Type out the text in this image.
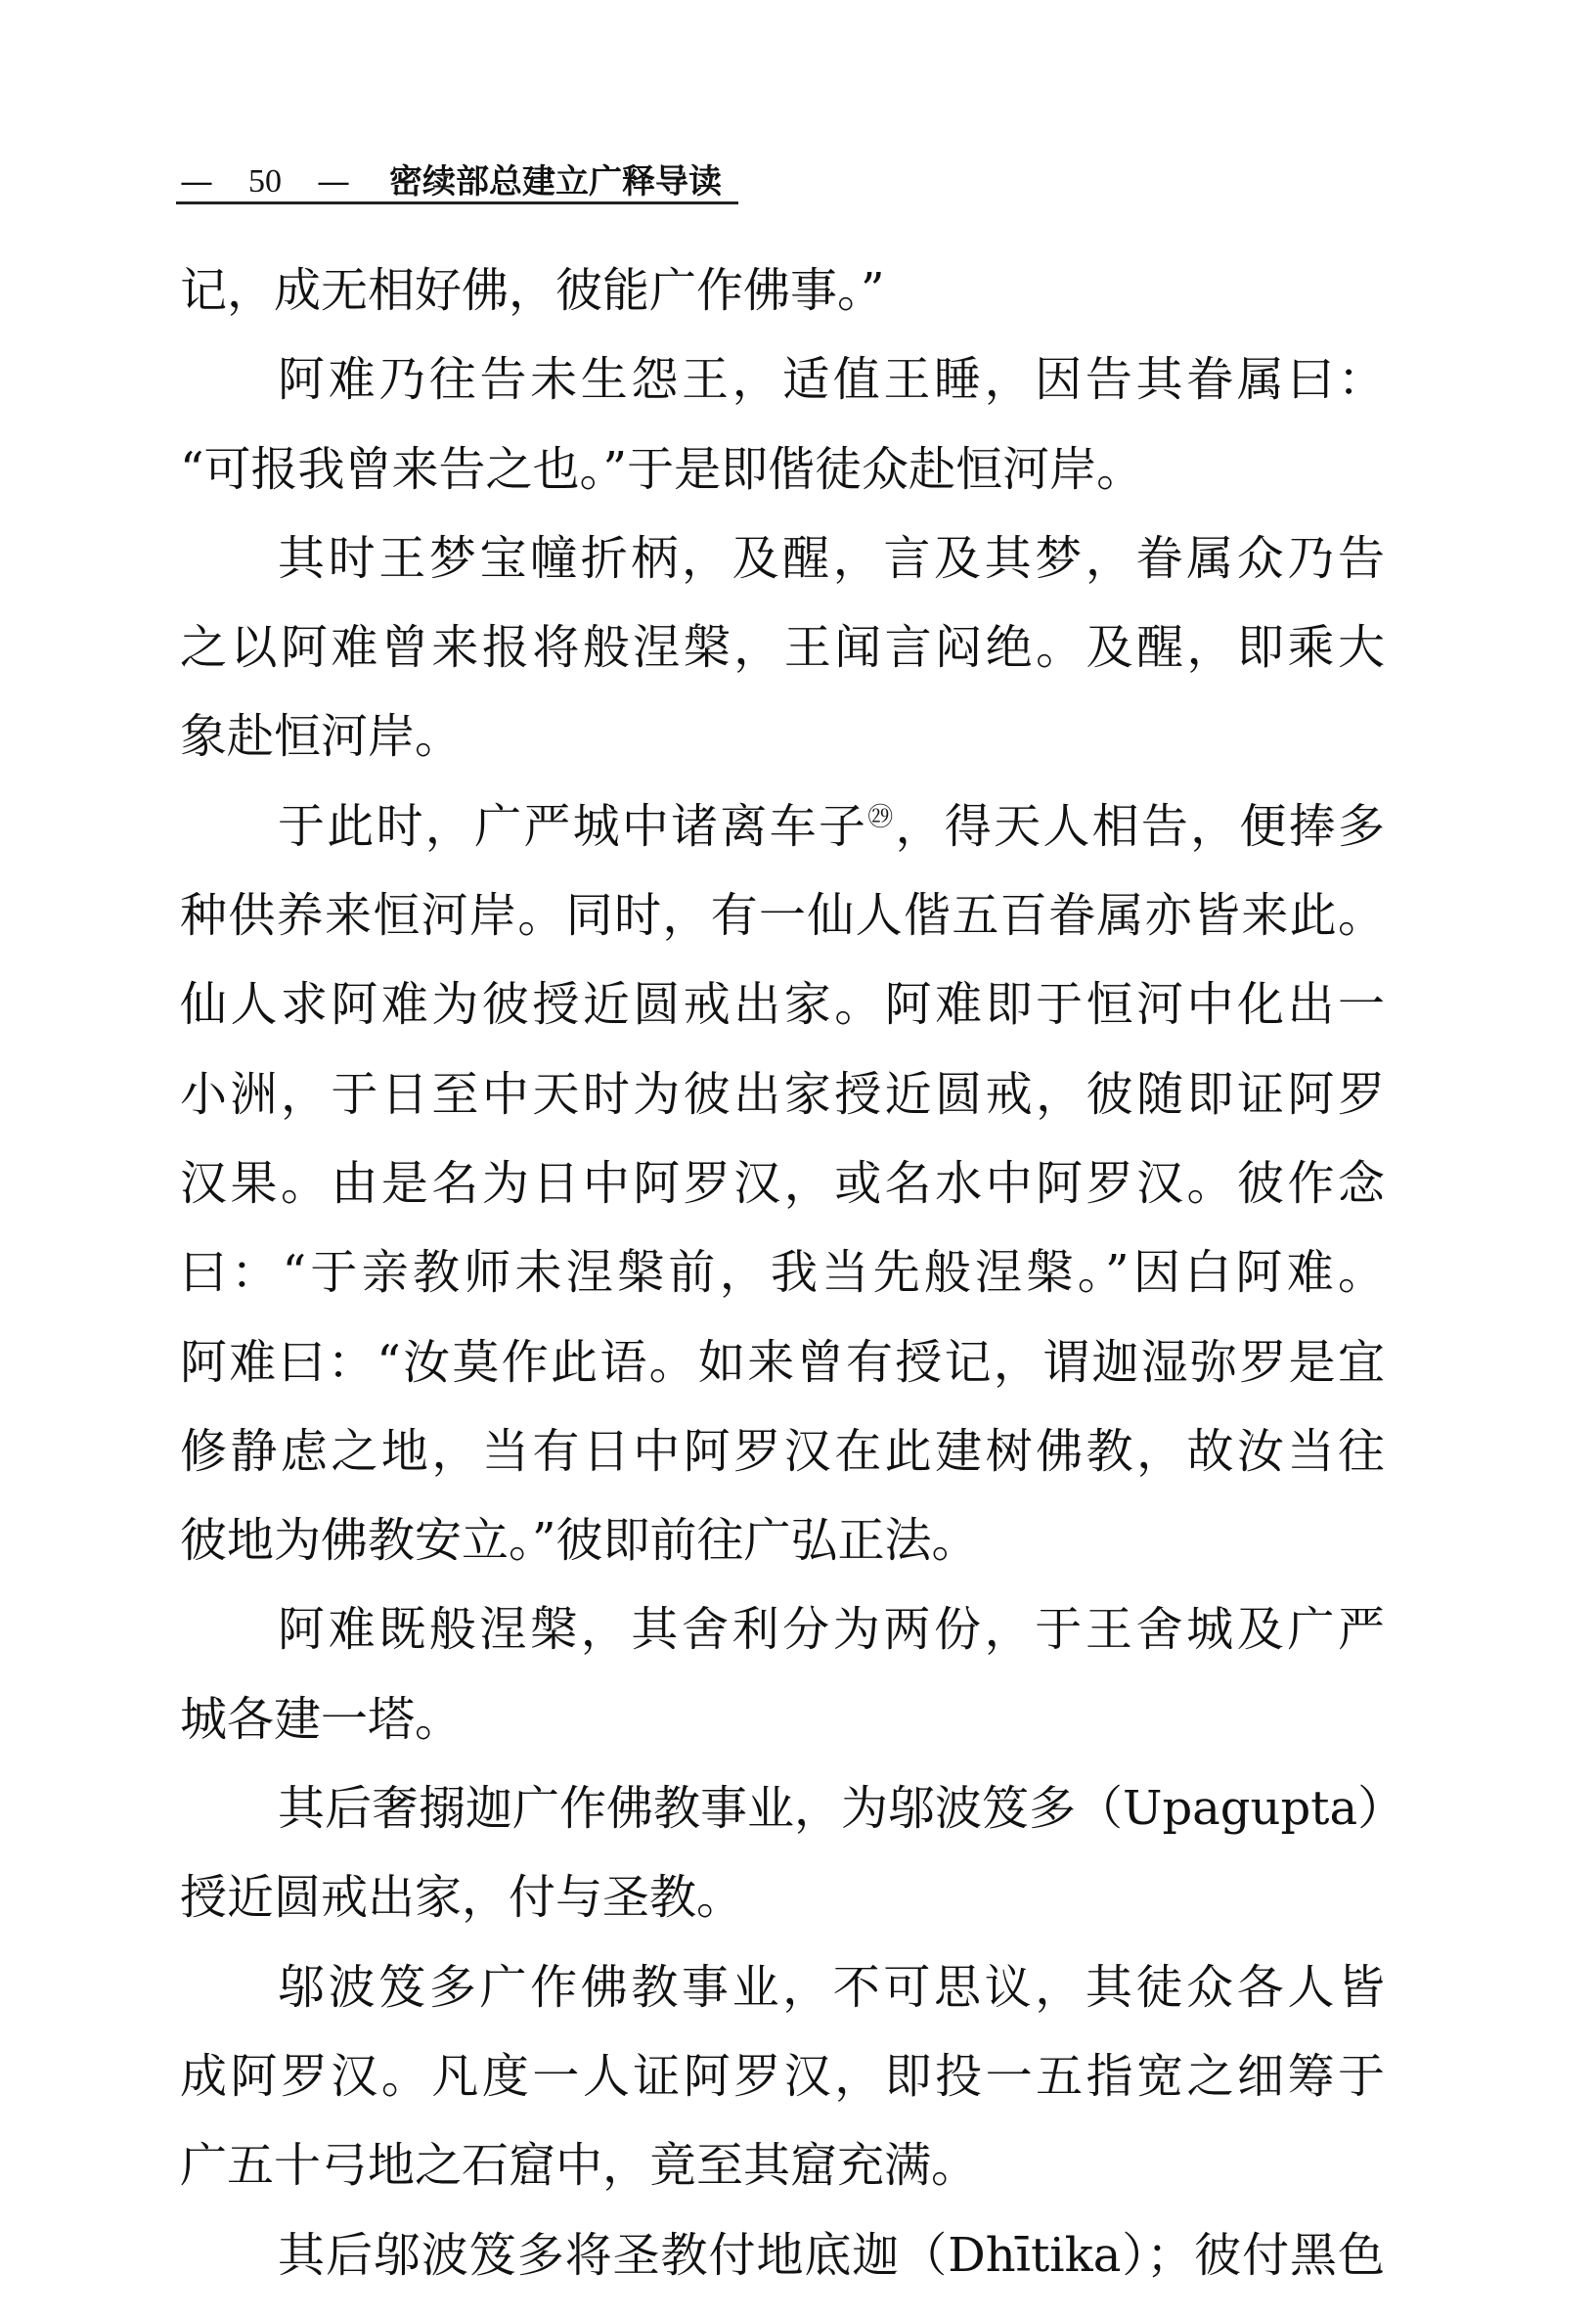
— 50 — 密续部总建立广释导读
记，成无相好佛，彼能广作佛事。”
阿难乃往告未生怨王，适值王睡，因告其眷属曰：
“可报我曾来告之也。”于是即偕徒众赴恒河岸。
其时王梦宝幢折柄，及醒，言及其梦，眷属众乃告
之以阿难曾来报将般涅槃，王闻言闷绝。及醒，即乘大
象赴恒河岸。
于此时，广严城中诸离车子$^㉙$，得天人相告，便捧多
种供养来恒河岸。同时，有一仙人偕五百眷属亦皆来此。
仙人求阿难为彼授近圆戒出家。阿难即于恒河中化出一
小洲，于日至中天时为彼出家授近圆戒，彼随即证阿罗
汉果。由是名为日中阿罗汉，或名水中阿罗汉。彼作念
曰：“于亲教师未涅槃前，我当先般涅槃。”因白阿难。
阿难曰：“汝莫作此语。如来曾有授记，谓迦湿弥罗是宜
修静虑之地，当有日中阿罗汉在此建树佛教，故汝当往
彼地为佛教安立。”彼即前往广弘正法。
阿难既般涅槃，其舍利分为两份，于王舍城及广严
城各建一塔。
其后奢搦迦广作佛教事业，为邬波笈多（Upagupta）
授近圆戒出家，付与圣教。
邬波笈多广作佛教事业，不可思议，其徒众各人皆
成阿罗汉。凡度一人证阿罗汉，即投一五指宽之细筹于
广五十弓地之石窟中，竟至其窟充满。
其后邬波笈多将圣教付地底迦（Dhītika）；彼付黑色
